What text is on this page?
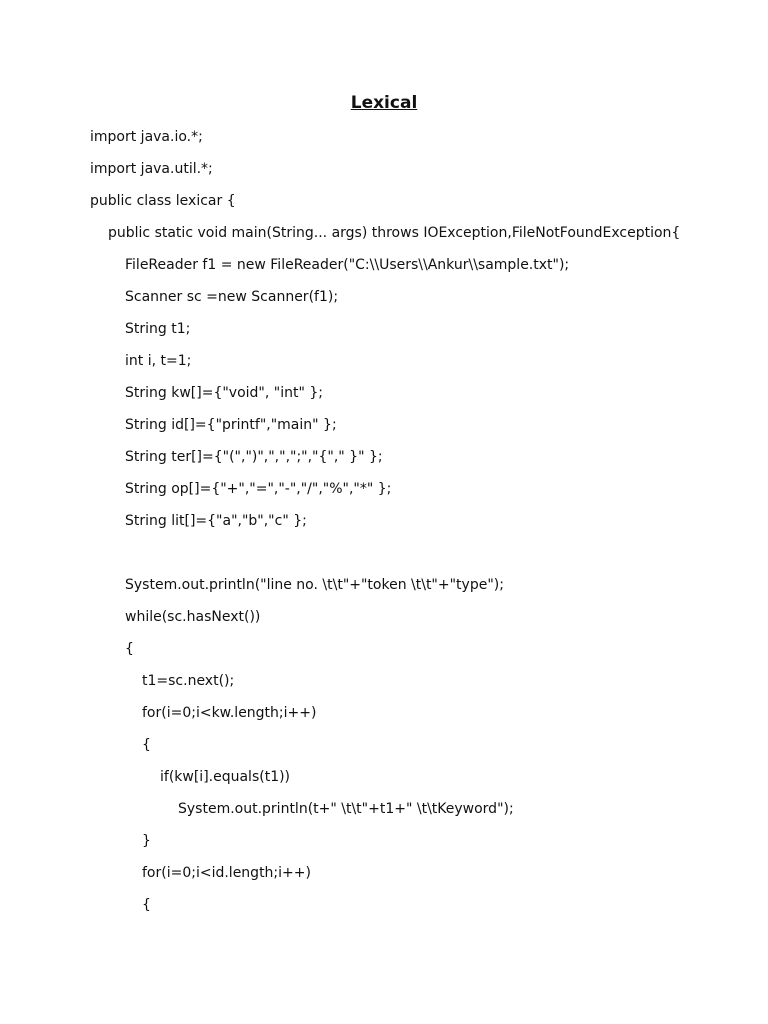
Lexical
import java.io.*;
import java.util.*;
public class lexicar {
public static void main(String... args) throws IOException,FileNotFoundException{
FileReader f1 = new FileReader("C:\\Users\\Ankur\\sample.txt");
Scanner sc =new Scanner(f1);
String t1;
int i, t=1;
String kw[]={"void", "int" };
String id[]={"printf","main" };
String ter[]={"(",")",",",";","{"," }" };
String op[]={"+","=","-","/","%","*" };
String lit[]={"a","b","c" };
System.out.println("line no. \t\t"+"token \t\t"+"type");
while(sc.hasNext())
{
t1=sc.next();
for(i=0;i<kw.length;i++)
{
if(kw[i].equals(t1))
System.out.println(t+" \t\t"+t1+" \t\tKeyword");
}
for(i=0;i<id.length;i++)
{
